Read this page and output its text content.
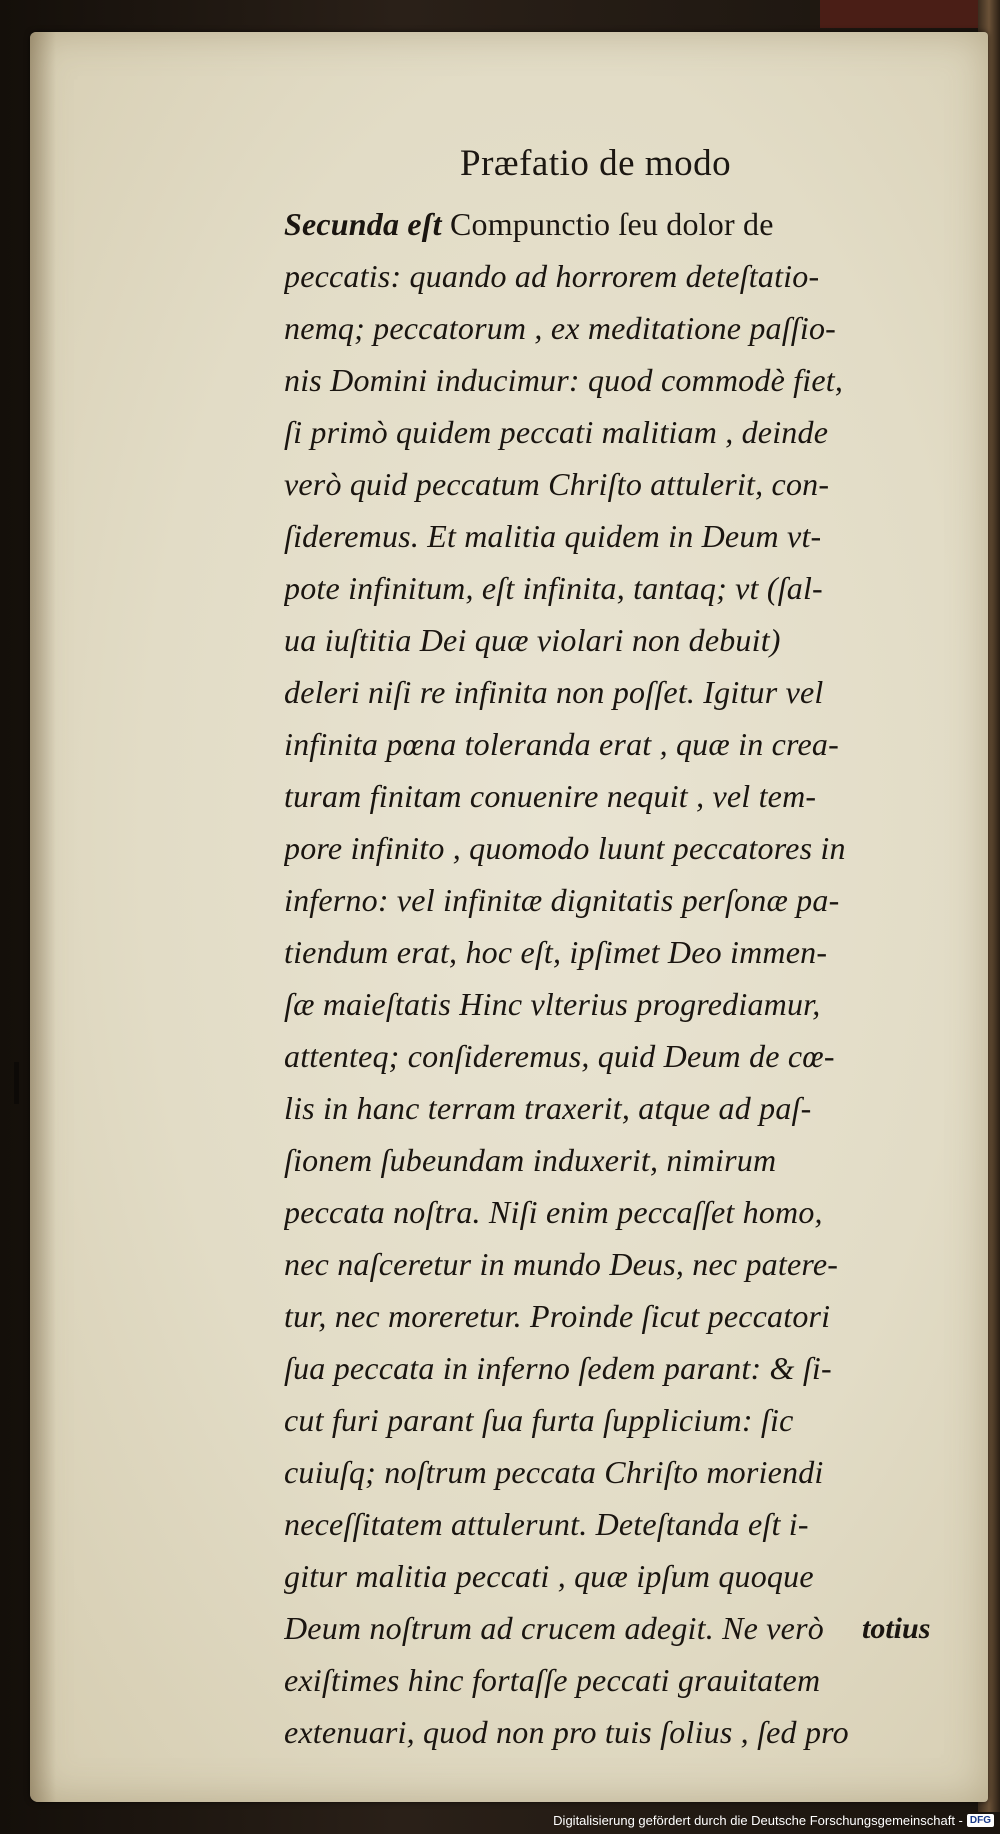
Præfatio de modo
Secunda eſt Compunctio ſeu dolor de
peccatis: quando ad horrorem deteſtatio-
nemq; peccatorum , ex meditatione paſſio-
nis Domini inducimur: quod commodè fiet,
ſi primò quidem peccati malitiam , deinde
verò quid peccatum Chriſto attulerit, con-
ſideremus. Et malitia quidem in Deum vt-
pote infinitum, eſt infinita, tantaq; vt (ſal-
ua iuſtitia Dei quæ violari non debuit)
deleri niſi re infinita non poſſet. Igitur vel
infinita pœna toleranda erat , quæ in crea-
turam finitam conuenire nequit , vel tem-
pore infinito , quomodo luunt peccatores in
inferno: vel infinitæ dignitatis perſonæ pa-
tiendum erat, hoc eſt, ipſimet Deo immen-
ſæ maieſtatis Hinc vlterius progrediamur,
attenteq; conſideremus, quid Deum de cœ-
lis in hanc terram traxerit, atque ad paſ-
ſionem ſubeundam induxerit, nimirum
peccata noſtra. Niſi enim peccaſſet homo,
nec naſceretur in mundo Deus, nec patere-
tur, nec moreretur. Proinde ſicut peccatori
ſua peccata in inferno ſedem parant: & ſi-
cut furi parant ſua furta ſupplicium: ſic
cuiuſq; noſtrum peccata Chriſto moriendi
neceſſitatem attulerunt. Deteſtanda eſt i-
gitur malitia peccati , quæ ipſum quoque
Deum noſtrum ad crucem adegit. Ne verò
exiſtimes hinc fortaſſe peccati grauitatem
extenuari, quod non pro tuis ſolius , ſed pro
totius
Digitalisierung gefördert durch die Deutsche Forschungsgemeinschaft - DFG
